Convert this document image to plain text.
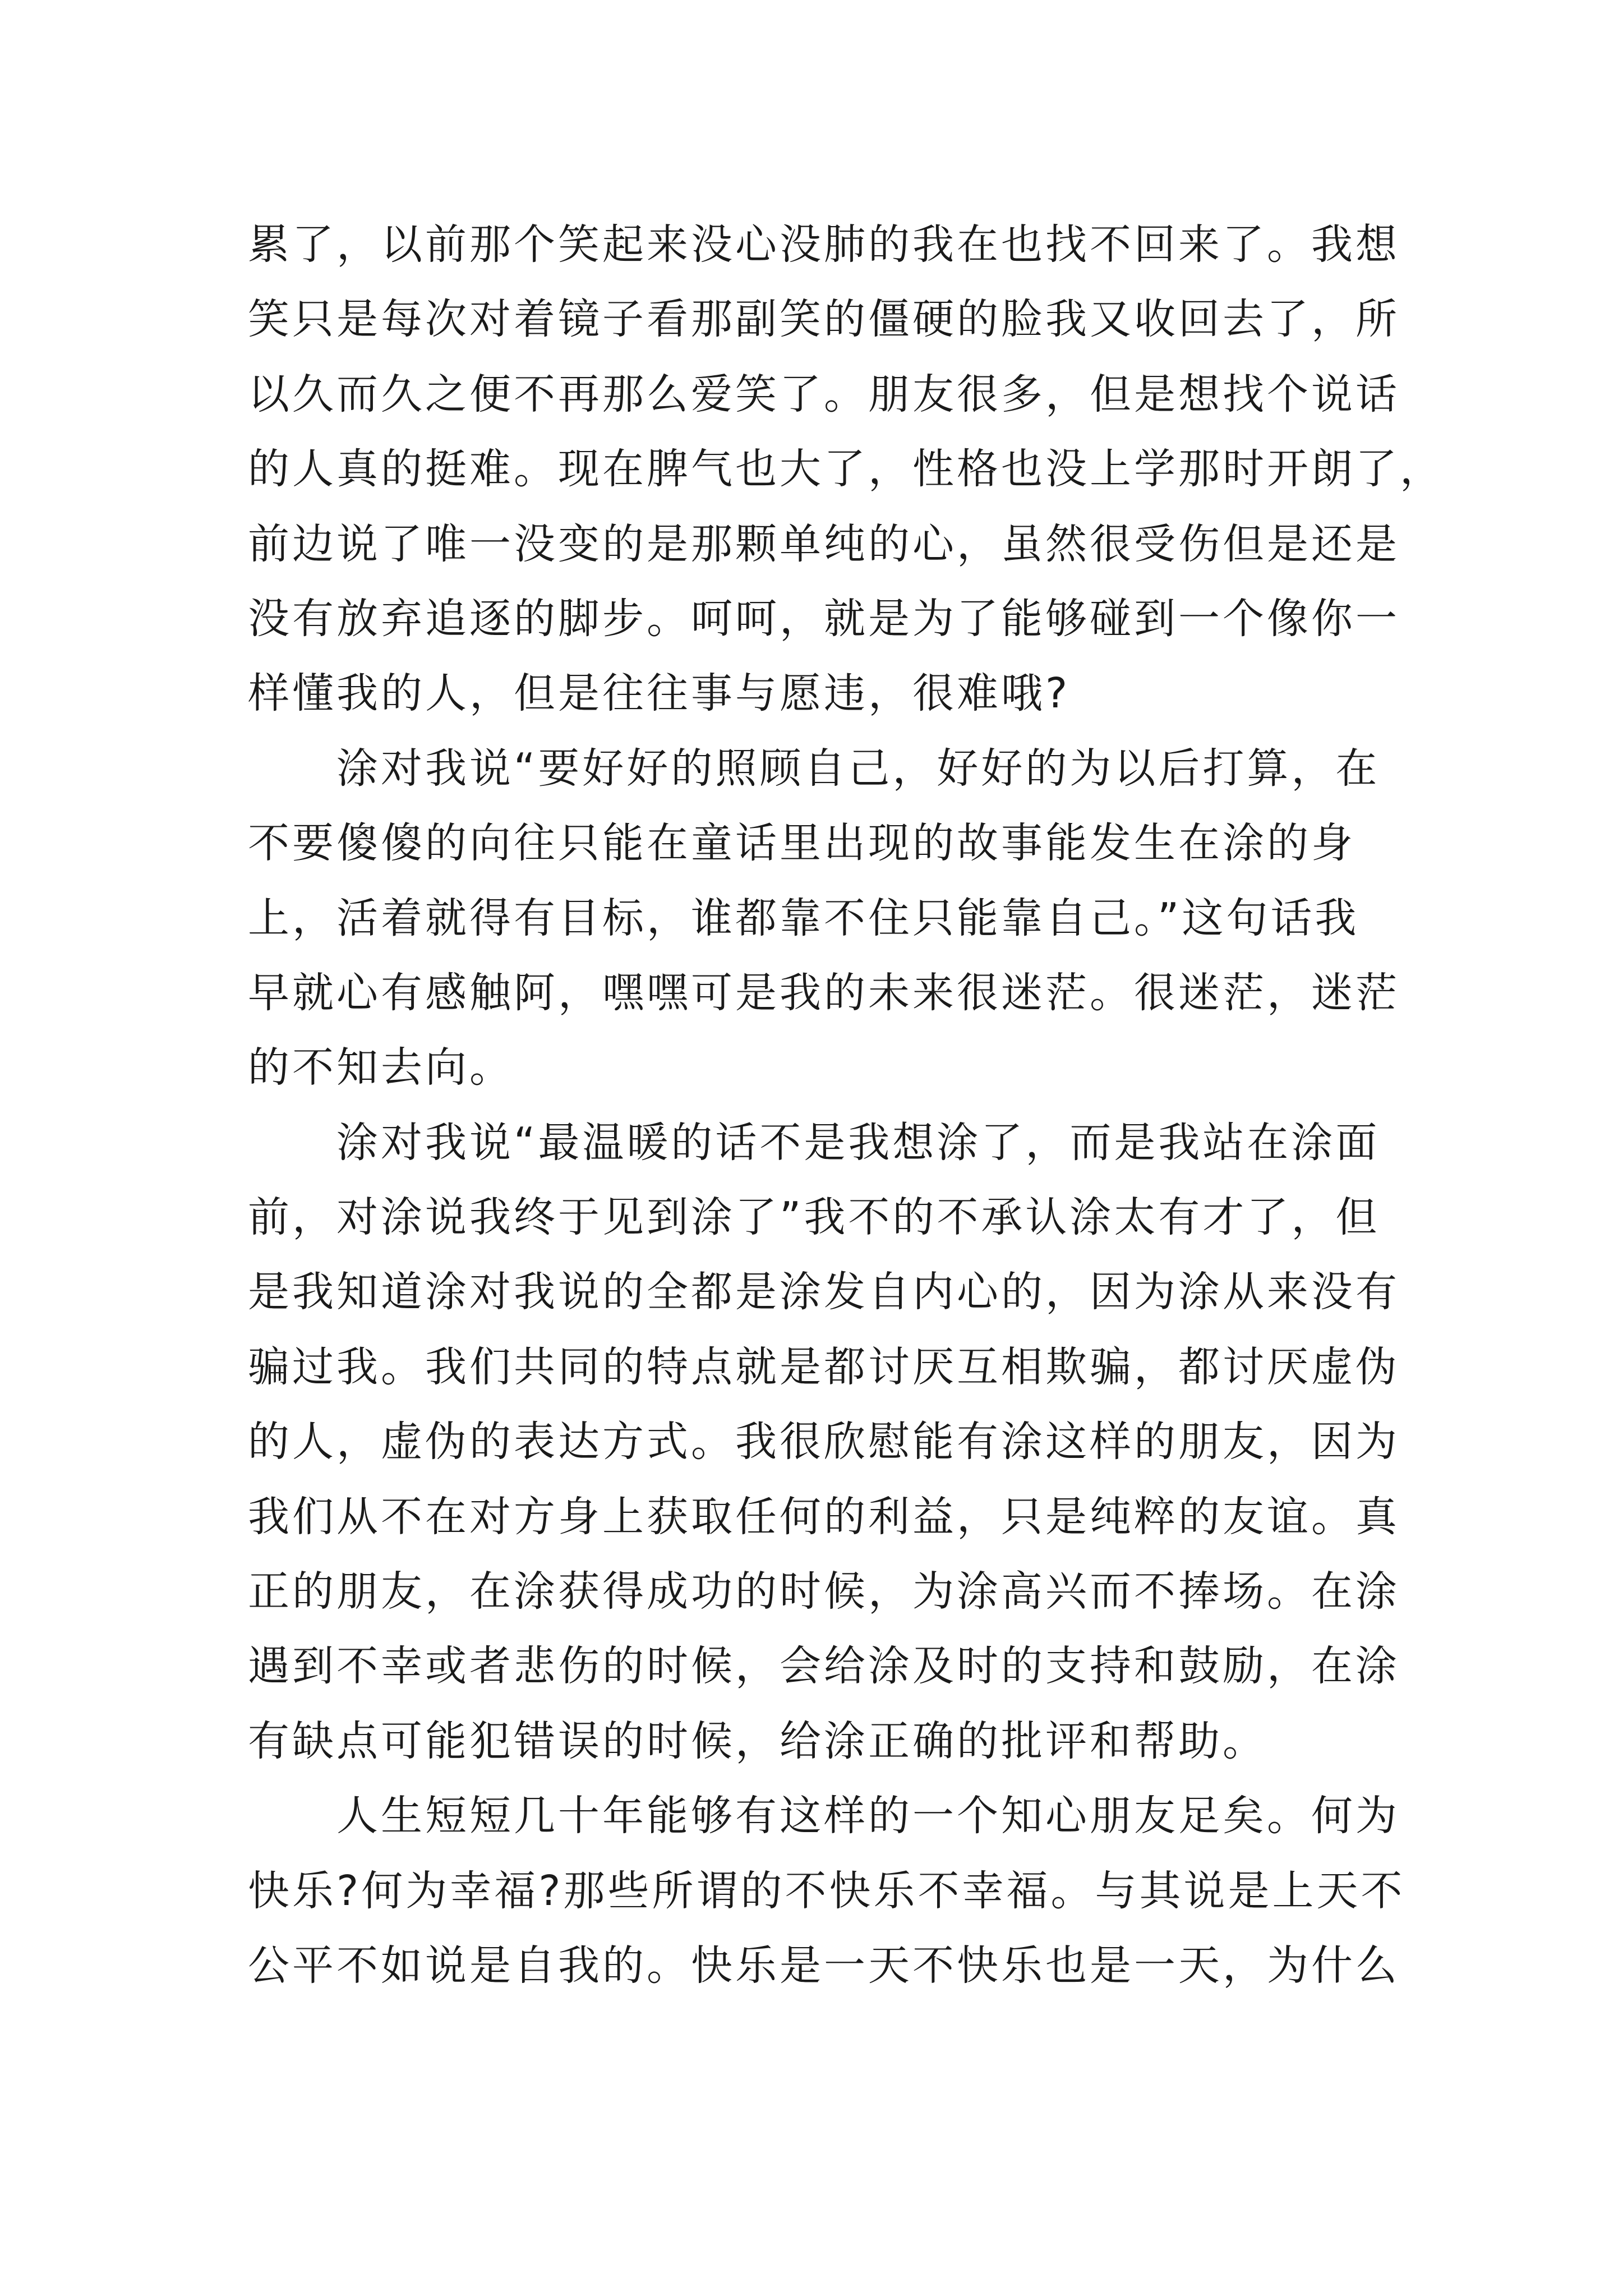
累了，以前那个笑起来没心没肺的我在也找不回来了。我想
笑只是每次对着镜子看那副笑的僵硬的脸我又收回去了，所
以久而久之便不再那么爱笑了。朋友很多，但是想找个说话
的人真的挺难。现在脾气也大了，性格也没上学那时开朗了，
前边说了唯一没变的是那颗单纯的心，虽然很受伤但是还是
没有放弃追逐的脚步。呵呵，就是为了能够碰到一个像你一
样懂我的人，但是往往事与愿违，很难哦?
　　涂对我说“要好好的照顾自己，好好的为以后打算，在
不要傻傻的向往只能在童话里出现的故事能发生在涂的身
上，活着就得有目标，谁都靠不住只能靠自己。”这句话我
早就心有感触阿，嘿嘿可是我的未来很迷茫。很迷茫，迷茫
的不知去向。
　　涂对我说“最温暖的话不是我想涂了，而是我站在涂面
前，对涂说我终于见到涂了”我不的不承认涂太有才了，但
是我知道涂对我说的全都是涂发自内心的，因为涂从来没有
骗过我。我们共同的特点就是都讨厌互相欺骗，都讨厌虚伪
的人，虚伪的表达方式。我很欣慰能有涂这样的朋友，因为
我们从不在对方身上获取任何的利益，只是纯粹的友谊。真
正的朋友，在涂获得成功的时候，为涂高兴而不捧场。在涂
遇到不幸或者悲伤的时候，会给涂及时的支持和鼓励，在涂
有缺点可能犯错误的时候，给涂正确的批评和帮助。
　　人生短短几十年能够有这样的一个知心朋友足矣。何为
快乐?何为幸福?那些所谓的不快乐不幸福。与其说是上天不
公平不如说是自我的。快乐是一天不快乐也是一天，为什么
